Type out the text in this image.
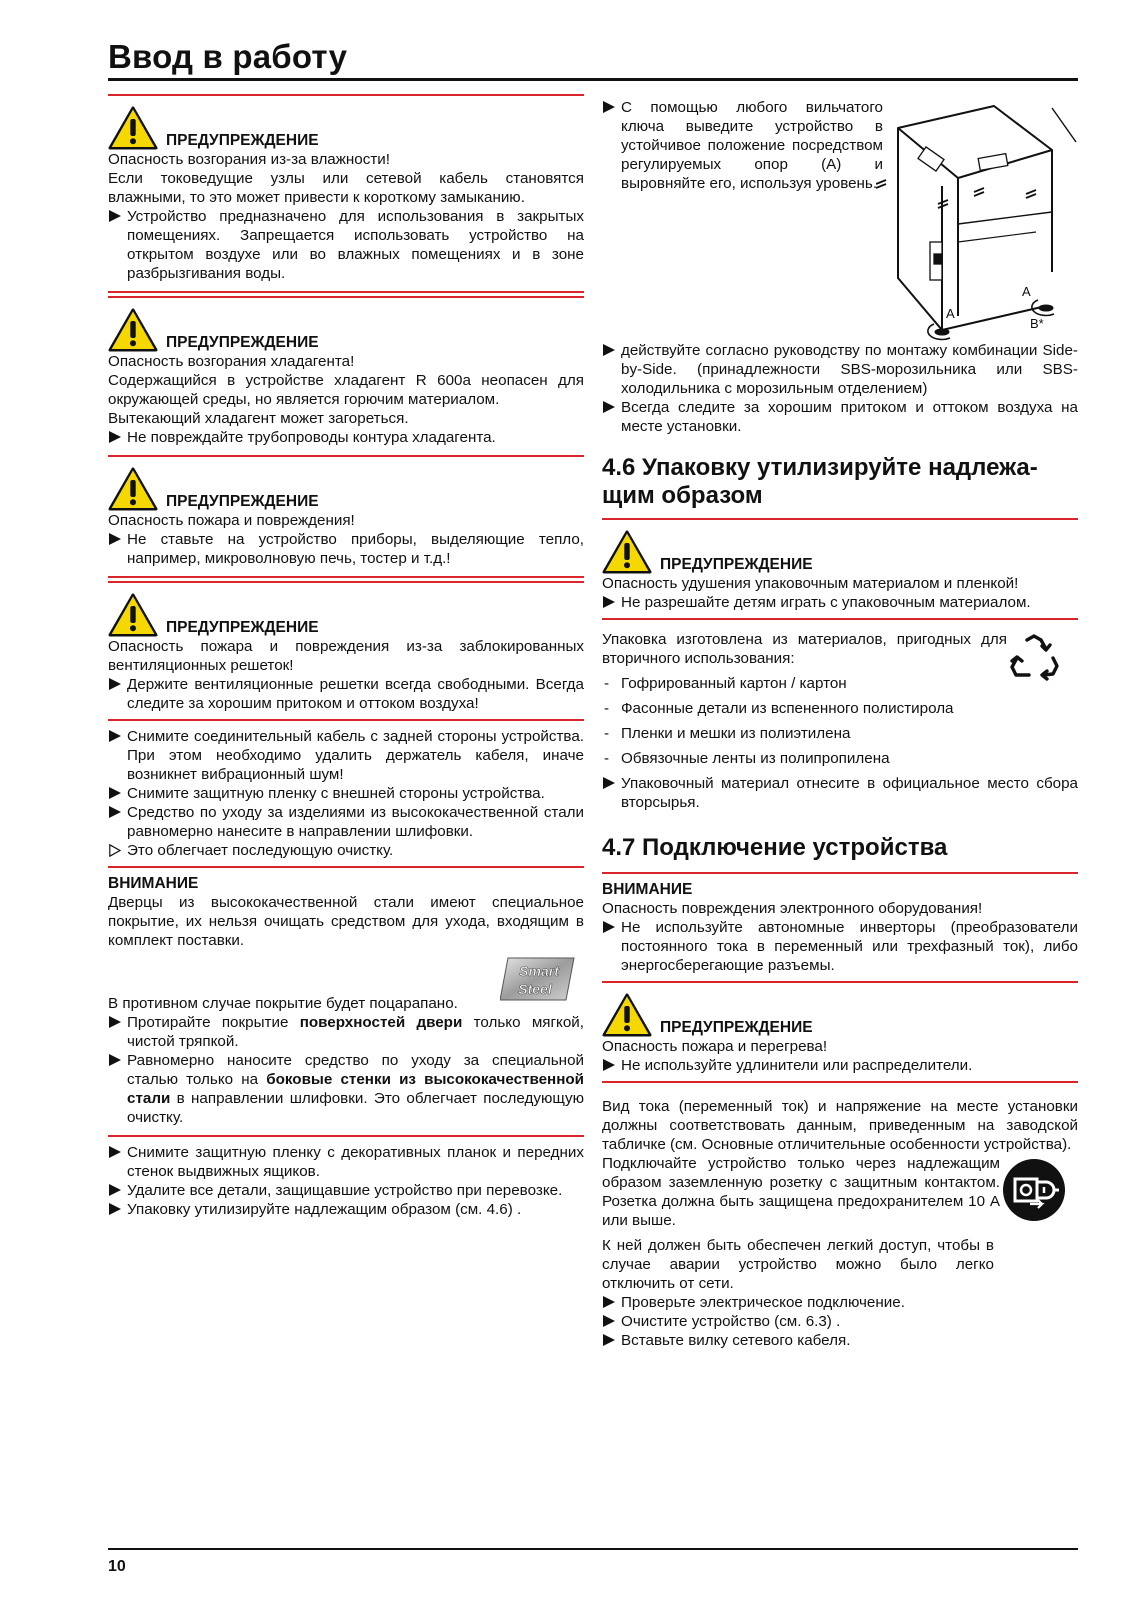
Ввод в работу
ПРЕДУПРЕЖДЕНИЕ

Опасность возгорания из-за влажности!

Если токоведущие узлы или сетевой кабель становятся влажными, то это может привести к короткому замыканию.

Устройство предназначено для использования в закрытых помещениях. Запрещается использовать устройство на открытом воздухе или во влажных помещениях и в зоне разбрызгивания воды.
ПРЕДУПРЕЖДЕНИЕ

Опасность возгорания хладагента!

Содержащийся в устройстве хладагент R 600a неопасен для окружающей среды, но является горючим материалом.

Вытекающий хладагент может загореться.

Не повреждайте трубопроводы контура хладагента.
ПРЕДУПРЕЖДЕНИЕ

Опасность пожара и повреждения!

Не ставьте на устройство приборы, выделяющие тепло, например, микроволновую печь, тостер и т.д.!
ПРЕДУПРЕЖДЕНИЕ

Опасность пожара и повреждения из-за заблокированных вентиляционных решеток!

Держите вентиляционные решетки всегда свободными. Всегда следите за хорошим притоком и оттоком воздуха!
Снимите соединительный кабель с задней стороны устройства. При этом необходимо удалить держатель кабеля, иначе возникнет вибрационный шум!
Снимите защитную пленку с внешней стороны устройства.
Средство по уходу за изделиями из высококачественной стали равномерно нанесите в направлении шлифовки.
Это облегчает последующую очистку.
ВНИМАНИЕ

Дверцы из высококачественной стали имеют специальное покрытие, их нельзя очищать средством для ухода, входящим в комплект поставки.

Smart
Steel

В противном случае покрытие будет поцарапано.

Протирайте покрытие поверхностей двери только мягкой, чистой тряпкой.
Равномерно наносите средство по уходу за специальной сталью только на боковые стенки из высококачественной стали в направлении шлифовки. Это облегчает последующую очистку.
Снимите защитную пленку с декоративных планок и передних стенок выдвижных ящиков.
Удалите все детали, защищавшие устройство при перевозке.
Упаковку утилизируйте надлежащим образом (см. 4.6) .
С помощью любого вильчатого ключа выведите устройство в устойчивое положение посредством регулируемых опор (A) и выровняйте его, используя уровень.
действуйте согласно руководству по монтажу комбинации Side-by-Side. (принадлежности SBS-морозильника или SBS-холодильника с морозильным отделением)
Всегда следите за хорошим притоком и оттоком воздуха на месте установки.
4.6 Упаковку утилизируйте надлежа-
щим образом
ПРЕДУПРЕЖДЕНИЕ

Опасность удушения упаковочным материалом и пленкой!

Не разрешайте детям играть с упаковочным материалом.

Упаковка изготовлена из материалов, пригодных для вторичного использования:

- Гофрированный картон / картон
- Фасонные детали из вспененного полистирола
- Пленки и мешки из полиэтилена
- Обвязочные ленты из полипропилена
Упаковочный материал отнесите в официальное место сбора вторсырья.
4.7 Подключение устройства
ВНИМАНИЕ

Опасность повреждения электронного оборудования!

Не используйте автономные инверторы (преобразователи постоянного тока в переменный или трехфазный ток), либо энергосберегающие разъемы.
ПРЕДУПРЕЖДЕНИЕ

Опасность пожара и перегрева!

Не используйте удлинители или распределители.

Вид тока (переменный ток) и напряжение на месте установки должны соответствовать данным, приведенным на заводской табличке (см. Основные отличительные особенности устройства).

Подключайте устройство только через надлежащим образом заземленную розетку с защитным контактом. Розетка должна быть защищена предохранителем 10 A или выше.

К ней должен быть обеспечен легкий доступ, чтобы в случае аварии устройство можно было легко отключить от сети.

Проверьте электрическое подключение.
Очистите устройство (см. 6.3) .
Вставьте вилку сетевого кабеля.
A
A
B*
10
